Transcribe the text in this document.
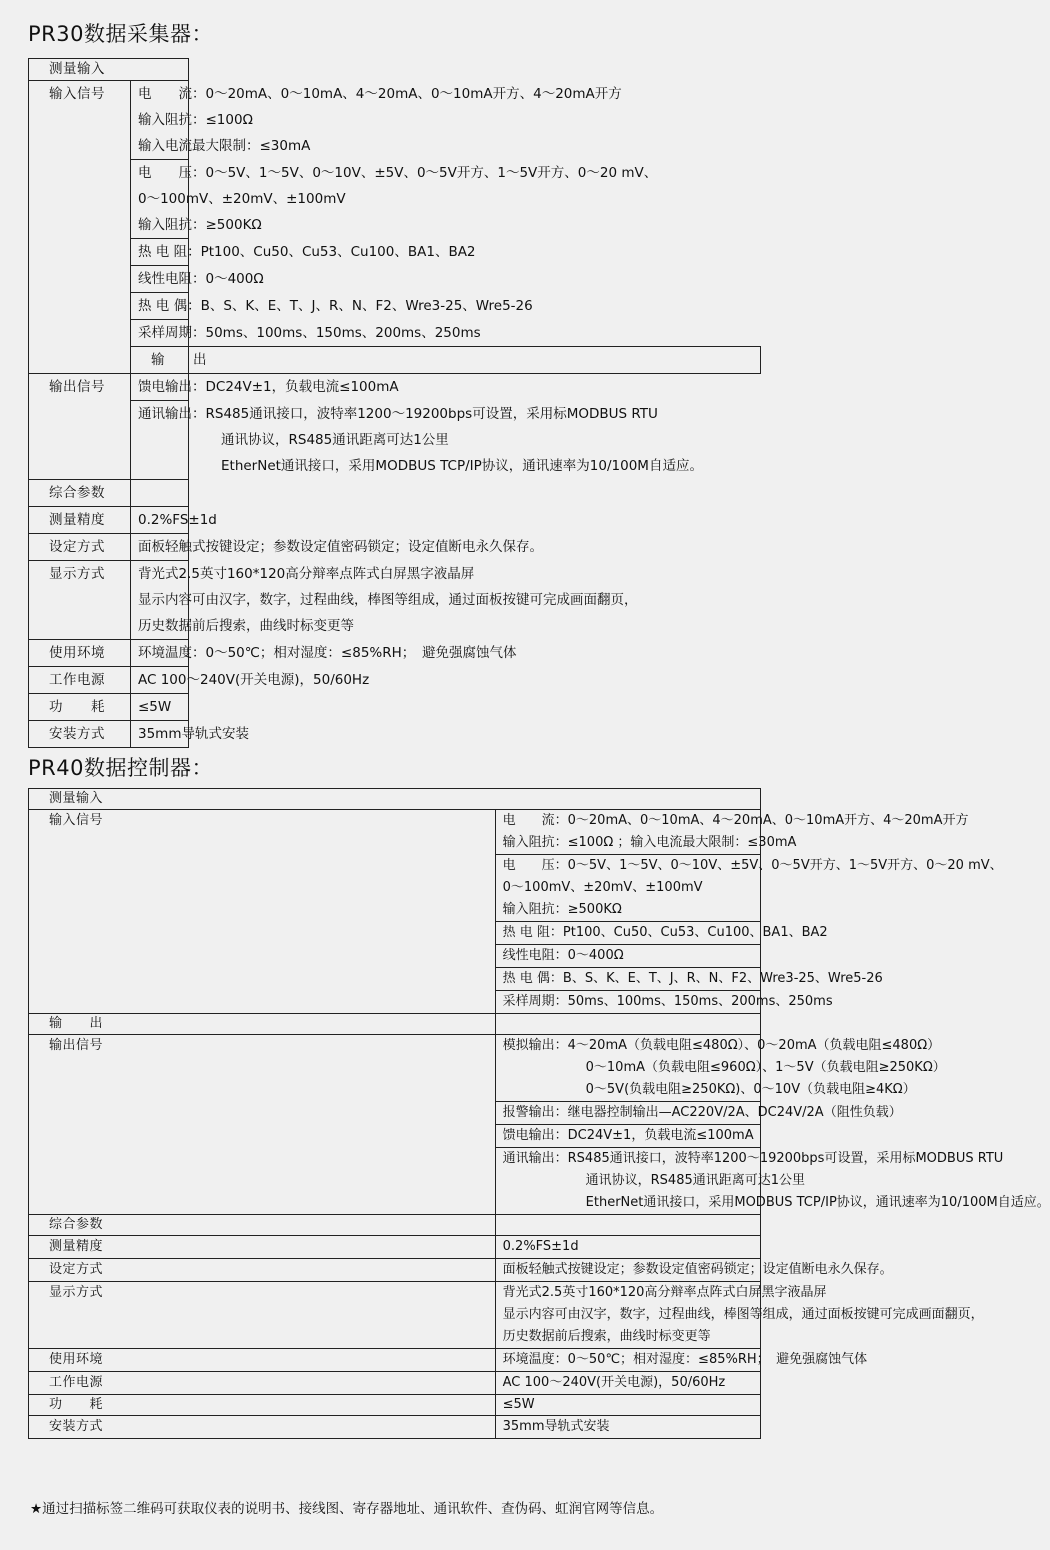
PR30数据采集器：
测量输入		
输入信号	电　　流：0～20mA、0～10mA、4～20mA、0～10mA开方、4～20mA开方
输入阻抗：≤100Ω
输入电流最大限制：≤30mA	

	电　　压：0～5V、1～5V、0～10V、±5V、0～5V开方、1～5V开方、0～20 mV、
0～100mV、±20mV、±100mV
输入阻抗：≥500KΩ	

	热 电 阻：Pt100、Cu50、Cu53、Cu100、BA1、BA2	
	线性电阻：0～400Ω	
	热 电 偶：B、S、K、E、T、J、R、N、F2、Wre3-25、Wre5-26	
	采样周期：50ms、100ms、150ms、200ms、250ms	
	输　　出	
输出信号	馈电输出：DC24V±1，负载电流≤100mA	

	通讯输出：RS485通讯接口，波特率1200～19200bps可设置，采用标MODBUS RTU
通讯协议，RS485通讯距离可达1公里
EtherNet通讯接口，采用MODBUS TCP/IP协议，通讯速率为10/100M自适应。	

综合参数		
测量精度	0.2%FS±1d	
设定方式	面板轻触式按键设定；参数设定值密码锁定；设定值断电永久保存。	
显示方式	背光式2.5英寸160*120高分辩率点阵式白屏黑字液晶屏
显示内容可由汉字，数字，过程曲线，棒图等组成，通过面板按键可完成画面翻页，
历史数据前后搜索，曲线时标变更等	

使用环境	环境温度：0～50℃；相对湿度：≤85%RH；　避免强腐蚀气体	
工作电源	AC 100～240V(开关电源)，50/60Hz	
功　　耗	≤5W	
安装方式	35mm导轨式安装	
PR40数据控制器：
测量输入	
输入信号	电　　流：0～20mA、0～10mA、4～20mA、0～10mA开方、4～20mA开方
输入阻抗：≤100Ω ；输入电流最大限制：≤30mA

	电　　压：0～5V、1～5V、0～10V、±5V、0～5V开方、1～5V开方、0～20 mV、
0～100mV、±20mV、±100mV
输入阻抗：≥500KΩ

	热 电 阻：Pt100、Cu50、Cu53、Cu100、BA1、BA2
	线性电阻：0～400Ω
	热 电 偶：B、S、K、E、T、J、R、N、F2、Wre3-25、Wre5-26
	采样周期：50ms、100ms、150ms、200ms、250ms
输　　出	
输出信号	模拟输出：4～20mA（负载电阻≤480Ω）、0～20mA（负载电阻≤480Ω）
0～10mA（负载电阻≤960Ω）、1～5V（负载电阻≥250KΩ）
0～5V(负载电阻≥250KΩ)、0～10V（负载电阻≥4KΩ）

	报警输出：继电器控制输出—AC220V/2A、DC24V/2A（阻性负载）
	馈电输出：DC24V±1，负载电流≤100mA

	通讯输出：RS485通讯接口，波特率1200～19200bps可设置，采用标MODBUS RTU
通讯协议，RS485通讯距离可达1公里
EtherNet通讯接口，采用MODBUS TCP/IP协议，通讯速率为10/100M自适应。

综合参数	
测量精度	0.2%FS±1d
设定方式	面板轻触式按键设定；参数设定值密码锁定；设定值断电永久保存。
显示方式	背光式2.5英寸160*120高分辩率点阵式白屏黑字液晶屏
显示内容可由汉字，数字，过程曲线，棒图等组成，通过面板按键可完成画面翻页，
历史数据前后搜索，曲线时标变更等

使用环境	环境温度：0～50℃；相对湿度：≤85%RH；　避免强腐蚀气体
工作电源	AC 100～240V(开关电源)，50/60Hz
功　　耗	≤5W
安装方式	35mm导轨式安装
★通过扫描标签二维码可获取仪表的说明书、接线图、寄存器地址、通讯软件、查伪码、虹润官网等信息。
